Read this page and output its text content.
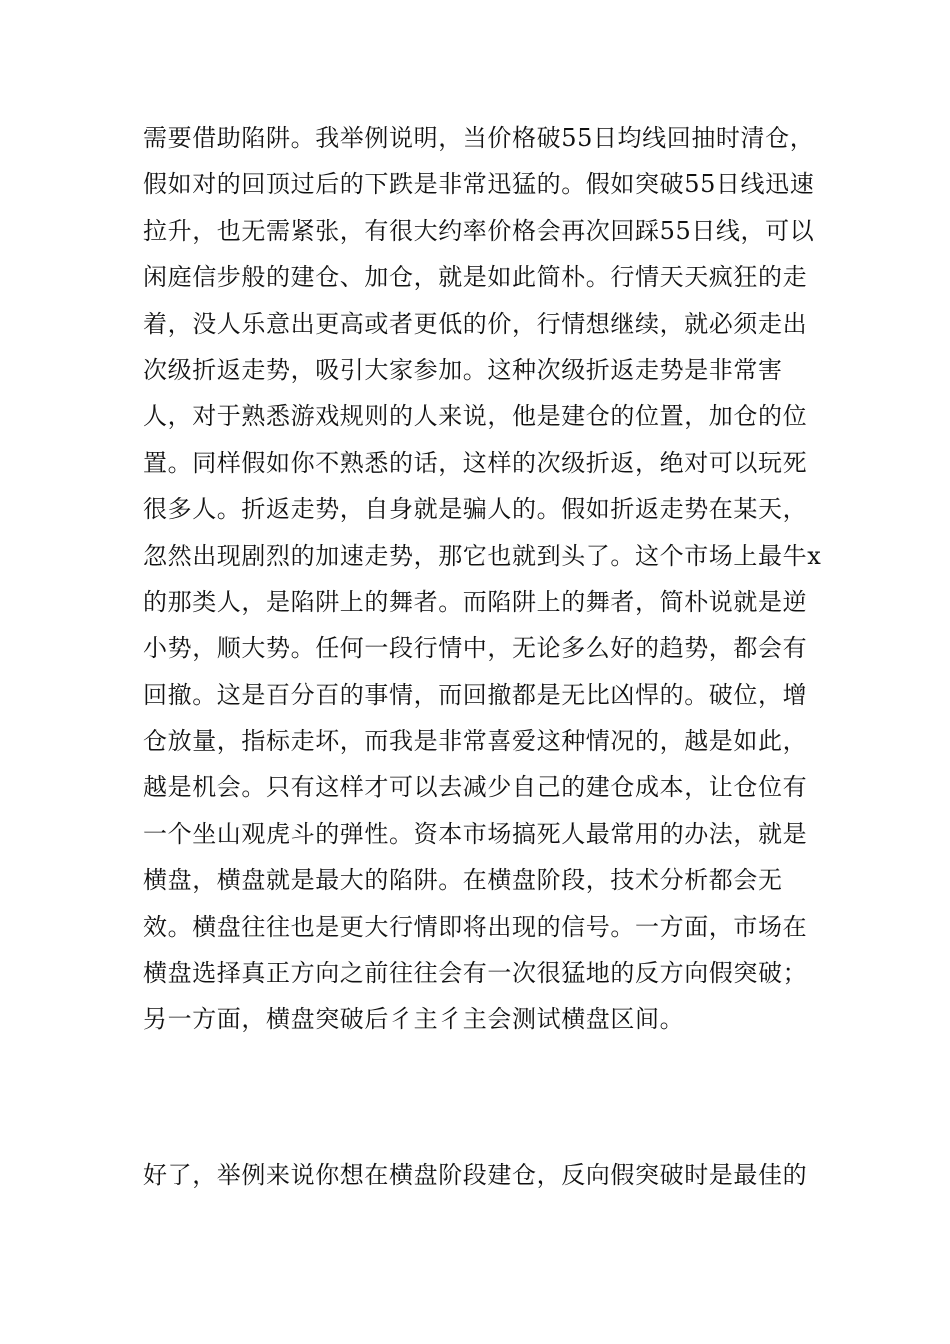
需要借助陷阱。我举例说明，当价格破55日均线回抽时清仓，
假如对的回顶过后的下跌是非常迅猛的。假如突破55日线迅速
拉升，也无需紧张，有很大约率价格会再次回踩55日线，可以
闲庭信步般的建仓、加仓，就是如此简朴。行情天天疯狂的走
着，没人乐意出更高或者更低的价，行情想继续，就必须走出
次级折返走势，吸引大家参加。这种次级折返走势是非常害
人，对于熟悉游戏规则的人来说，他是建仓的位置，加仓的位
置。同样假如你不熟悉的话，这样的次级折返，绝对可以玩死
很多人。折返走势，自身就是骗人的。假如折返走势在某天，
忽然出现剧烈的加速走势，那它也就到头了。这个市场上最牛x
的那类人，是陷阱上的舞者。而陷阱上的舞者，简朴说就是逆
小势，顺大势。任何一段行情中，无论多么好的趋势，都会有
回撤。这是百分百的事情，而回撤都是无比凶悍的。破位，增
仓放量，指标走坏，而我是非常喜爱这种情况的，越是如此，
越是机会。只有这样才可以去减少自己的建仓成本，让仓位有
一个坐山观虎斗的弹性。资本市场搞死人最常用的办法，就是
横盘，横盘就是最大的陷阱。在横盘阶段，技术分析都会无
效。横盘往往也是更大行情即将出现的信号。一方面，市场在
横盘选择真正方向之前往往会有一次很猛地的反方向假突破；
另一方面，横盘突破后彳主彳主会测试横盘区间。
好了，举例来说你想在横盘阶段建仓，反向假突破时是最佳的
